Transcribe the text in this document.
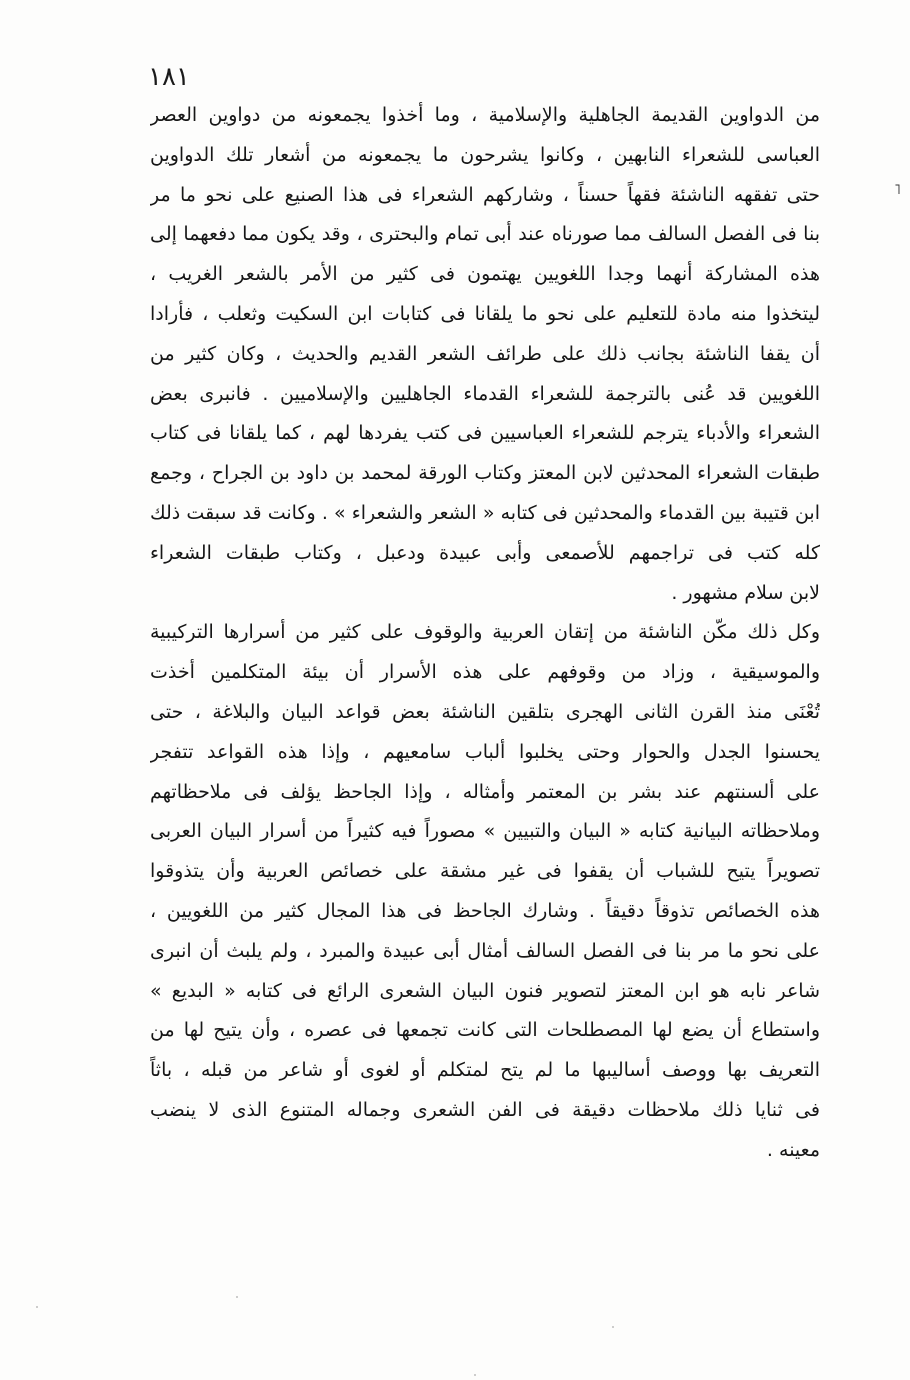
١٨١
˥
من الدواوين القديمة الجاهلية والإسلامية ، وما أخذوا يجمعونه من دواوين العصر
العباسى للشعراء النابهين ، وكانوا يشرحون ما يجمعونه من أشعار تلك الدواوين
حتى تفقهه الناشئة فقهاً حسناً ، وشاركهم الشعراء فى هذا الصنيع على نحو ما مر
بنا فى الفصل السالف مما صورناه عند أبى تمام والبحترى ، وقد يكون مما دفعهما إلى
هذه المشاركة أنهما وجدا اللغويين يهتمون فى كثير من الأمر بالشعر الغريب ،
ليتخذوا منه مادة للتعليم على نحو ما يلقانا فى كتابات ابن السكيت وثعلب ، فأرادا
أن يقفا الناشئة بجانب ذلك على طرائف الشعر القديم والحديث ، وكان كثير من
اللغويين قد عُنى بالترجمة للشعراء القدماء الجاهليين والإسلاميين . فانبرى بعض
الشعراء والأدباء يترجم للشعراء العباسيين فى كتب يفردها لهم ، كما يلقانا فى كتاب
طبقات الشعراء المحدثين لابن المعتز وكتاب الورقة لمحمد بن داود بن الجراح ، وجمع
ابن قتيبة بين القدماء والمحدثين فى كتابه « الشعر والشعراء » . وكانت قد سبقت ذلك
كله كتب فى تراجمهم للأصمعى وأبى عبيدة ودعبل ، وكتاب طبقات الشعراء
لابن سلام مشهور .
وكل ذلك مكّن الناشئة من إتقان العربية والوقوف على كثير من أسرارها التركيبية
والموسيقية ، وزاد من وقوفهم على هذه الأسرار أن بيئة المتكلمين أخذت
تُعْنَى منذ القرن الثانى الهجرى بتلقين الناشئة بعض قواعد البيان والبلاغة ، حتى
يحسنوا الجدل والحوار وحتى يخلبوا ألباب سامعيهم ، وإذا هذه القواعد تتفجر
على ألسنتهم عند بشر بن المعتمر وأمثاله ، وإذا الجاحظ يؤلف فى ملاحظاتهم
وملاحظاته البيانية كتابه « البيان والتبيين » مصوراً فيه كثيراً من أسرار البيان العربى
تصويراً يتيح للشباب أن يقفوا فى غير مشقة على خصائص العربية وأن يتذوقوا
هذه الخصائص تذوقاً دقيقاً . وشارك الجاحظ فى هذا المجال كثير من اللغويين ،
على نحو ما مر بنا فى الفصل السالف أمثال أبى عبيدة والمبرد ، ولم يلبث أن انبرى
شاعر نابه هو ابن المعتز لتصوير فنون البيان الشعرى الرائع فى كتابه « البديع »
واستطاع أن يضع لها المصطلحات التى كانت تجمعها فى عصره ، وأن يتيح لها من
التعريف بها ووصف أساليبها ما لم يتح لمتكلم أو لغوى أو شاعر من قبله ، باثاً
فى ثنايا ذلك ملاحظات دقيقة فى الفن الشعرى وجماله المتنوع الذى لا ينضب
معينه .
